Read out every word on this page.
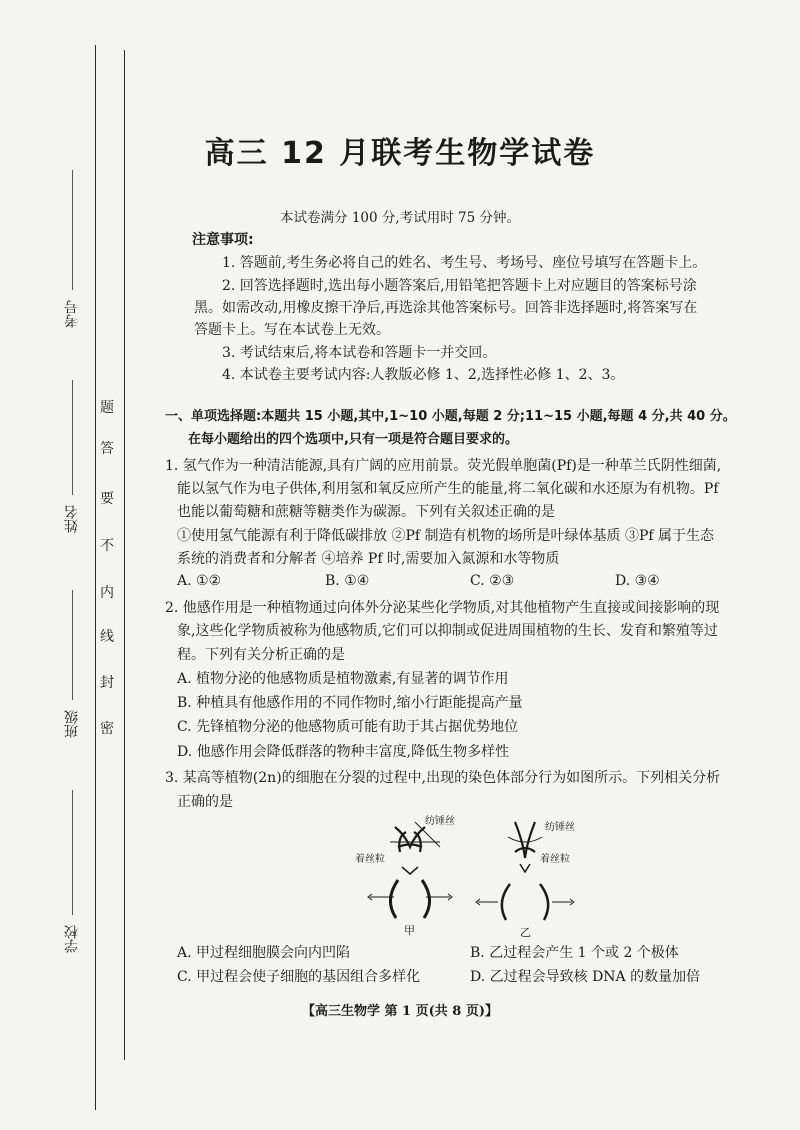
考号
姓名
班级
学校
题
答
要
不
内
线
封
密
高三 12 月联考生物学试卷
本试卷满分 100 分,考试用时 75 分钟。
注意事项:
1. 答题前,考生务必将自己的姓名、考生号、考场号、座位号填写在答题卡上。
2. 回答选择题时,选出每小题答案后,用铅笔把答题卡上对应题目的答案标号涂
黑。如需改动,用橡皮擦干净后,再选涂其他答案标号。回答非选择题时,将答案写在
答题卡上。写在本试卷上无效。
3. 考试结束后,将本试卷和答题卡一并交回。
4. 本试卷主要考试内容:人教版必修 1、2,选择性必修 1、2、3。
一、单项选择题:本题共 15 小题,其中,1~10 小题,每题 2 分;11~15 小题,每题 4 分,共 40 分。
在每小题给出的四个选项中,只有一项是符合题目要求的。
1. 氢气作为一种清洁能源,具有广阔的应用前景。荧光假单胞菌(Pf)是一种革兰氏阴性细菌,
能以氢气作为电子供体,利用氢和氧反应所产生的能量,将二氧化碳和水还原为有机物。Pf
也能以葡萄糖和蔗糖等糖类作为碳源。下列有关叙述正确的是
①使用氢气能源有利于降低碳排放 ②Pf 制造有机物的场所是叶绿体基质 ③Pf 属于生态
系统的消费者和分解者 ④培养 Pf 时,需要加入氮源和水等物质
A. ①②	B. ①④	C. ②③	D. ③④
2. 他感作用是一种植物通过向体外分泌某些化学物质,对其他植物产生直接或间接影响的现
象,这些化学物质被称为他感物质,它们可以抑制或促进周围植物的生长、发育和繁殖等过
程。下列有关分析正确的是
A. 植物分泌的他感物质是植物激素,有显著的调节作用
B. 种植具有他感作用的不同作物时,缩小行距能提高产量
C. 先锋植物分泌的他感物质可能有助于其占据优势地位
D. 他感作用会降低群落的物种丰富度,降低生物多样性
3. 某高等植物(2n)的细胞在分裂的过程中,出现的染色体部分行为如图所示。下列相关分析
正确的是
纺锤丝
着丝粒
纺锤丝
着丝粒
甲	乙
A. 甲过程细胞膜会向内凹陷	B. 乙过程会产生 1 个或 2 个极体
C. 甲过程会使子细胞的基因组合多样化	D. 乙过程会导致核 DNA 的数量加倍
【高三生物学 第 1 页(共 8 页)】
